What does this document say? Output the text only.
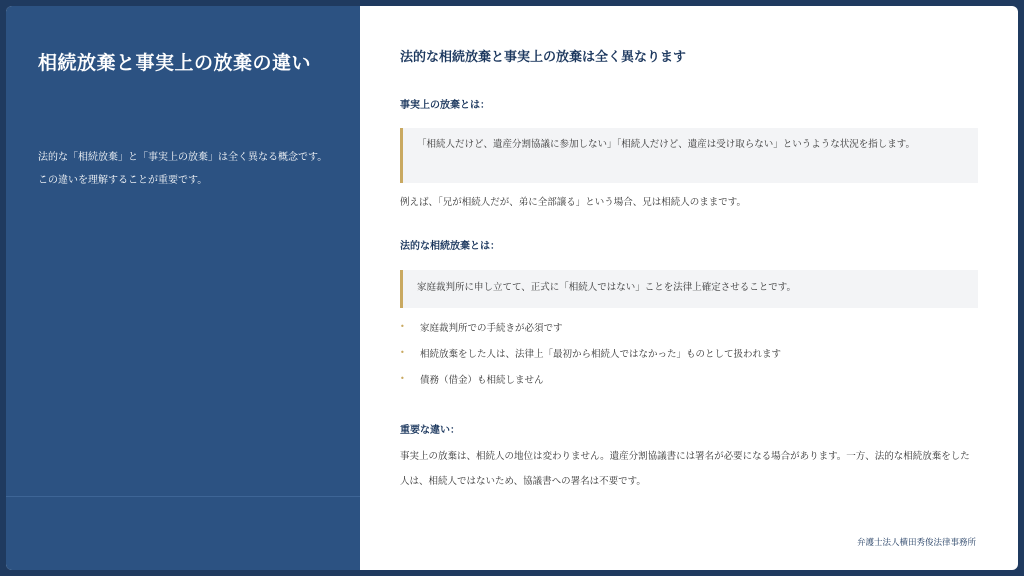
相続放棄と事実上の放棄の違い

法的な「相続放棄」と「事実上の放棄」は全く異なる概念です。この違いを理解することが重要です。

法的な相続放棄と事実上の放棄は全く異なります

事実上の放棄とは：

「相続人だけど、遺産分割協議に参加しない」「相続人だけど、遺産は受け取らない」というような状況を指します。

例えば、「兄が相続人だが、弟に全部譲る」という場合、兄は相続人のままです。

法的な相続放棄とは：

家庭裁判所に申し立てて、正式に「相続人ではない」ことを法律上確定させることです。
• 家庭裁判所での手続きが必須です
• 相続放棄をした人は、法律上「最初から相続人ではなかった」ものとして扱われます
• 債務（借金）も相続しません

重要な違い：

事実上の放棄は、相続人の地位は変わりません。遺産分割協議書には署名が必要になる場合があります。一方、法的な相続放棄をした人は、相続人ではないため、協議書への署名は不要です。

弁護士法人横田秀俊法律事務所
